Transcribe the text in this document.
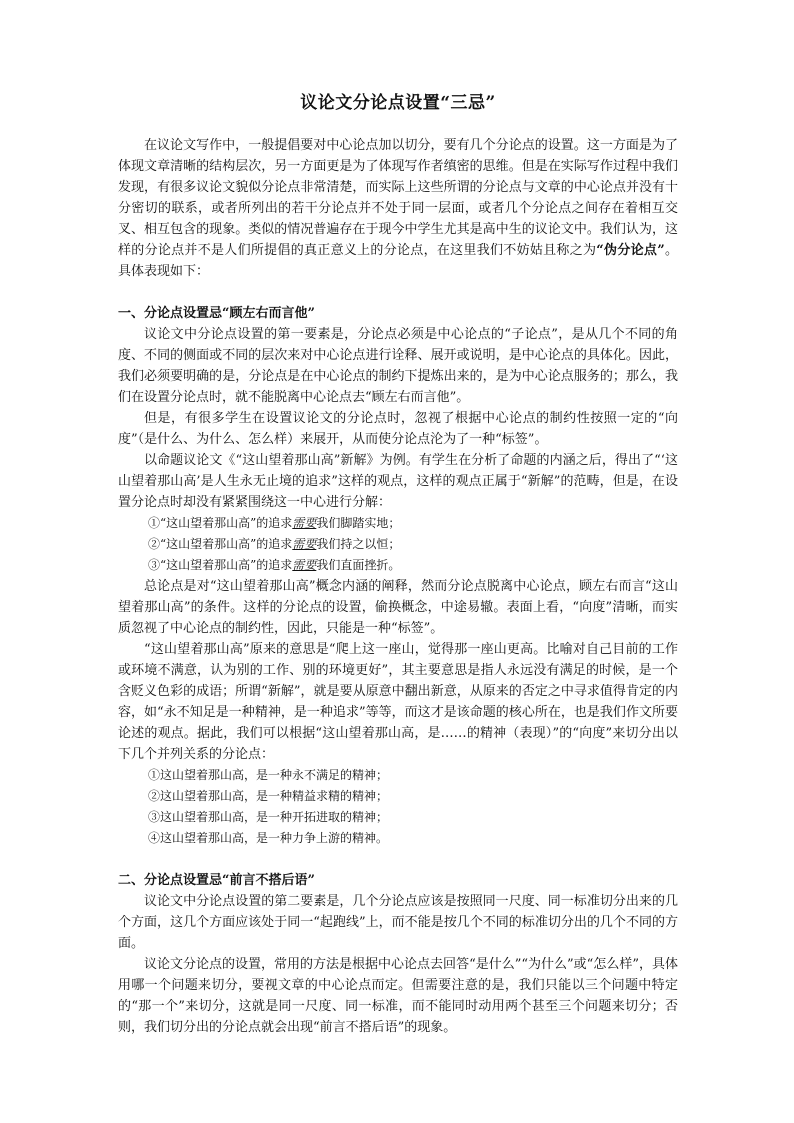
议论文分论点设置“三忌”

在议论文写作中，一般提倡要对中心论点加以切分，要有几个分论点的设置。这一方面是为了体现文章清晰的结构层次，另一方面更是为了体现写作者缜密的思维。但是在实际写作过程中我们发现，有很多议论文貌似分论点非常清楚，而实际上这些所谓的分论点与文章的中心论点并没有十分密切的联系，或者所列出的若干分论点并不处于同一层面，或者几个分论点之间存在着相互交叉、相互包含的现象。类似的情况普遍存在于现今中学生尤其是高中生的议论文中。我们认为，这样的分论点并不是人们所提倡的真正意义上的分论点，在这里我们不妨姑且称之为“伪分论点”。具体表现如下：

一、分论点设置忌“顾左右而言他”

议论文中分论点设置的第一要素是，分论点必须是中心论点的“子论点”，是从几个不同的角度、不同的侧面或不同的层次来对中心论点进行诠释、展开或说明，是中心论点的具体化。因此，我们必须要明确的是，分论点是在中心论点的制约下提炼出来的，是为中心论点服务的；那么，我们在设置分论点时，就不能脱离中心论点去“顾左右而言他”。

但是，有很多学生在设置议论文的分论点时，忽视了根据中心论点的制约性按照一定的“向度”（是什么、为什么、怎么样）来展开，从而使分论点沦为了一种“标签”。

以命题议论文《“这山望着那山高”新解》为例。有学生在分析了命题的内涵之后，得出了“‘这山望着那山高’是人生永无止境的追求”这样的观点，这样的观点正属于“新解”的范畴，但是，在设置分论点时却没有紧紧围绕这一中心进行分解：

①“这山望着那山高”的追求需要我们脚踏实地；

②“这山望着那山高”的追求需要我们持之以恒；

③“这山望着那山高”的追求需要我们直面挫折。

总论点是对“这山望着那山高”概念内涵的阐释，然而分论点脱离中心论点，顾左右而言“这山望着那山高”的条件。这样的分论点的设置，偷换概念，中途易辙。表面上看，“向度”清晰，而实质忽视了中心论点的制约性，因此，只能是一种“标签”。

“这山望着那山高”原来的意思是“爬上这一座山，觉得那一座山更高。比喻对自己目前的工作或环境不满意，认为别的工作、别的环境更好”，其主要意思是指人永远没有满足的时候，是一个含贬义色彩的成语；所谓“新解”，就是要从原意中翻出新意，从原来的否定之中寻求值得肯定的内容，如“永不知足是一种精神，是一种追求”等等，而这才是该命题的核心所在，也是我们作文所要论述的观点。据此，我们可以根据“这山望着那山高，是……的精神（表现）”的“向度”来切分出以下几个并列关系的分论点：

①这山望着那山高，是一种永不满足的精神；

②这山望着那山高，是一种精益求精的精神；

③这山望着那山高，是一种开拓进取的精神；

④这山望着那山高，是一种力争上游的精神。

二、分论点设置忌“前言不搭后语”

议论文中分论点设置的第二要素是，几个分论点应该是按照同一尺度、同一标准切分出来的几个方面，这几个方面应该处于同一“起跑线”上，而不能是按几个不同的标准切分出的几个不同的方面。

议论文分论点的设置，常用的方法是根据中心论点去回答“是什么”“为什么”或“怎么样”，具体用哪一个问题来切分，要视文章的中心论点而定。但需要注意的是，我们只能以三个问题中特定的“那一个”来切分，这就是同一尺度、同一标准，而不能同时动用两个甚至三个问题来切分；否则，我们切分出的分论点就会出现“前言不搭后语”的现象。
